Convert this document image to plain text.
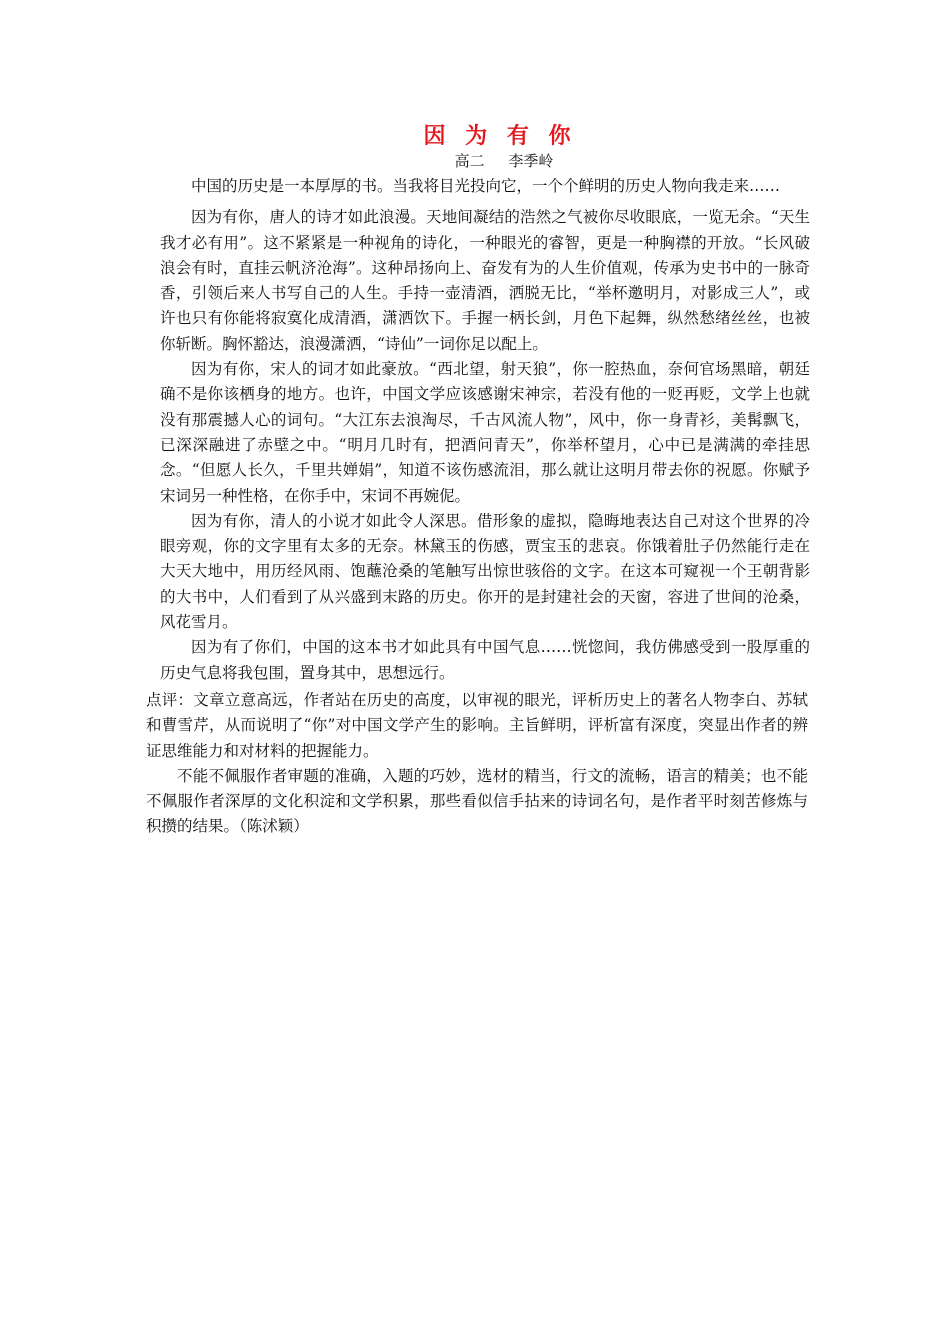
因 为 有 你
高二     李季岭

中国的历史是一本厚厚的书。当我将目光投向它，一个个鲜明的历史人物向我走来……

因为有你，唐人的诗才如此浪漫。天地间凝结的浩然之气被你尽收眼底，一览无余。“天生我才必有用”。这不紧紧是一种视角的诗化，一种眼光的睿智，更是一种胸襟的开放。“长风破浪会有时，直挂云帆济沧海”。这种昂扬向上、奋发有为的人生价值观，传承为史书中的一脉奇香，引领后来人书写自己的人生。手持一壶清酒，洒脱无比，“举杯邀明月，对影成三人”，或许也只有你能将寂寞化成清酒，潇洒饮下。手握一柄长剑，月色下起舞，纵然愁绪丝丝，也被你斩断。胸怀豁达，浪漫潇洒，“诗仙”一词你足以配上。

因为有你，宋人的词才如此豪放。“西北望，射天狼”，你一腔热血，奈何官场黑暗，朝廷确不是你该栖身的地方。也许，中国文学应该感谢宋神宗，若没有他的一贬再贬，文学上也就没有那震撼人心的词句。“大江东去浪淘尽，千古风流人物”，风中，你一身青衫，美髯飘飞，已深深融进了赤壁之中。“明月几时有，把酒问青天”，你举杯望月，心中已是满满的牵挂思念。“但愿人长久，千里共婵娟”，知道不该伤感流泪，那么就让这明月带去你的祝愿。你赋予宋词另一种性格，在你手中，宋词不再婉伲。

因为有你，清人的小说才如此令人深思。借形象的虚拟，隐晦地表达自己对这个世界的冷眼旁观，你的文字里有太多的无奈。林黛玉的伤感，贾宝玉的悲哀。你饿着肚子仍然能行走在大天大地中，用历经风雨、饱蘸沧桑的笔触写出惊世骇俗的文字。在这本可窥视一个王朝背影的大书中，人们看到了从兴盛到末路的历史。你开的是封建社会的天窗，容进了世间的沧桑，风花雪月。

因为有了你们，中国的这本书才如此具有中国气息……恍惚间，我仿佛感受到一股厚重的历史气息将我包围，置身其中，思想远行。

点评：文章立意高远，作者站在历史的高度，以审视的眼光，评析历史上的著名人物李白、苏轼和曹雪芹，从而说明了“你”对中国文学产生的影响。主旨鲜明，评析富有深度，突显出作者的辨证思维能力和对材料的把握能力。

不能不佩服作者审题的准确，入题的巧妙，选材的精当，行文的流畅，语言的精美；也不能不佩服作者深厚的文化积淀和文学积累，那些看似信手拈来的诗词名句，是作者平时刻苦修炼与积攒的结果。（陈沭颖）
